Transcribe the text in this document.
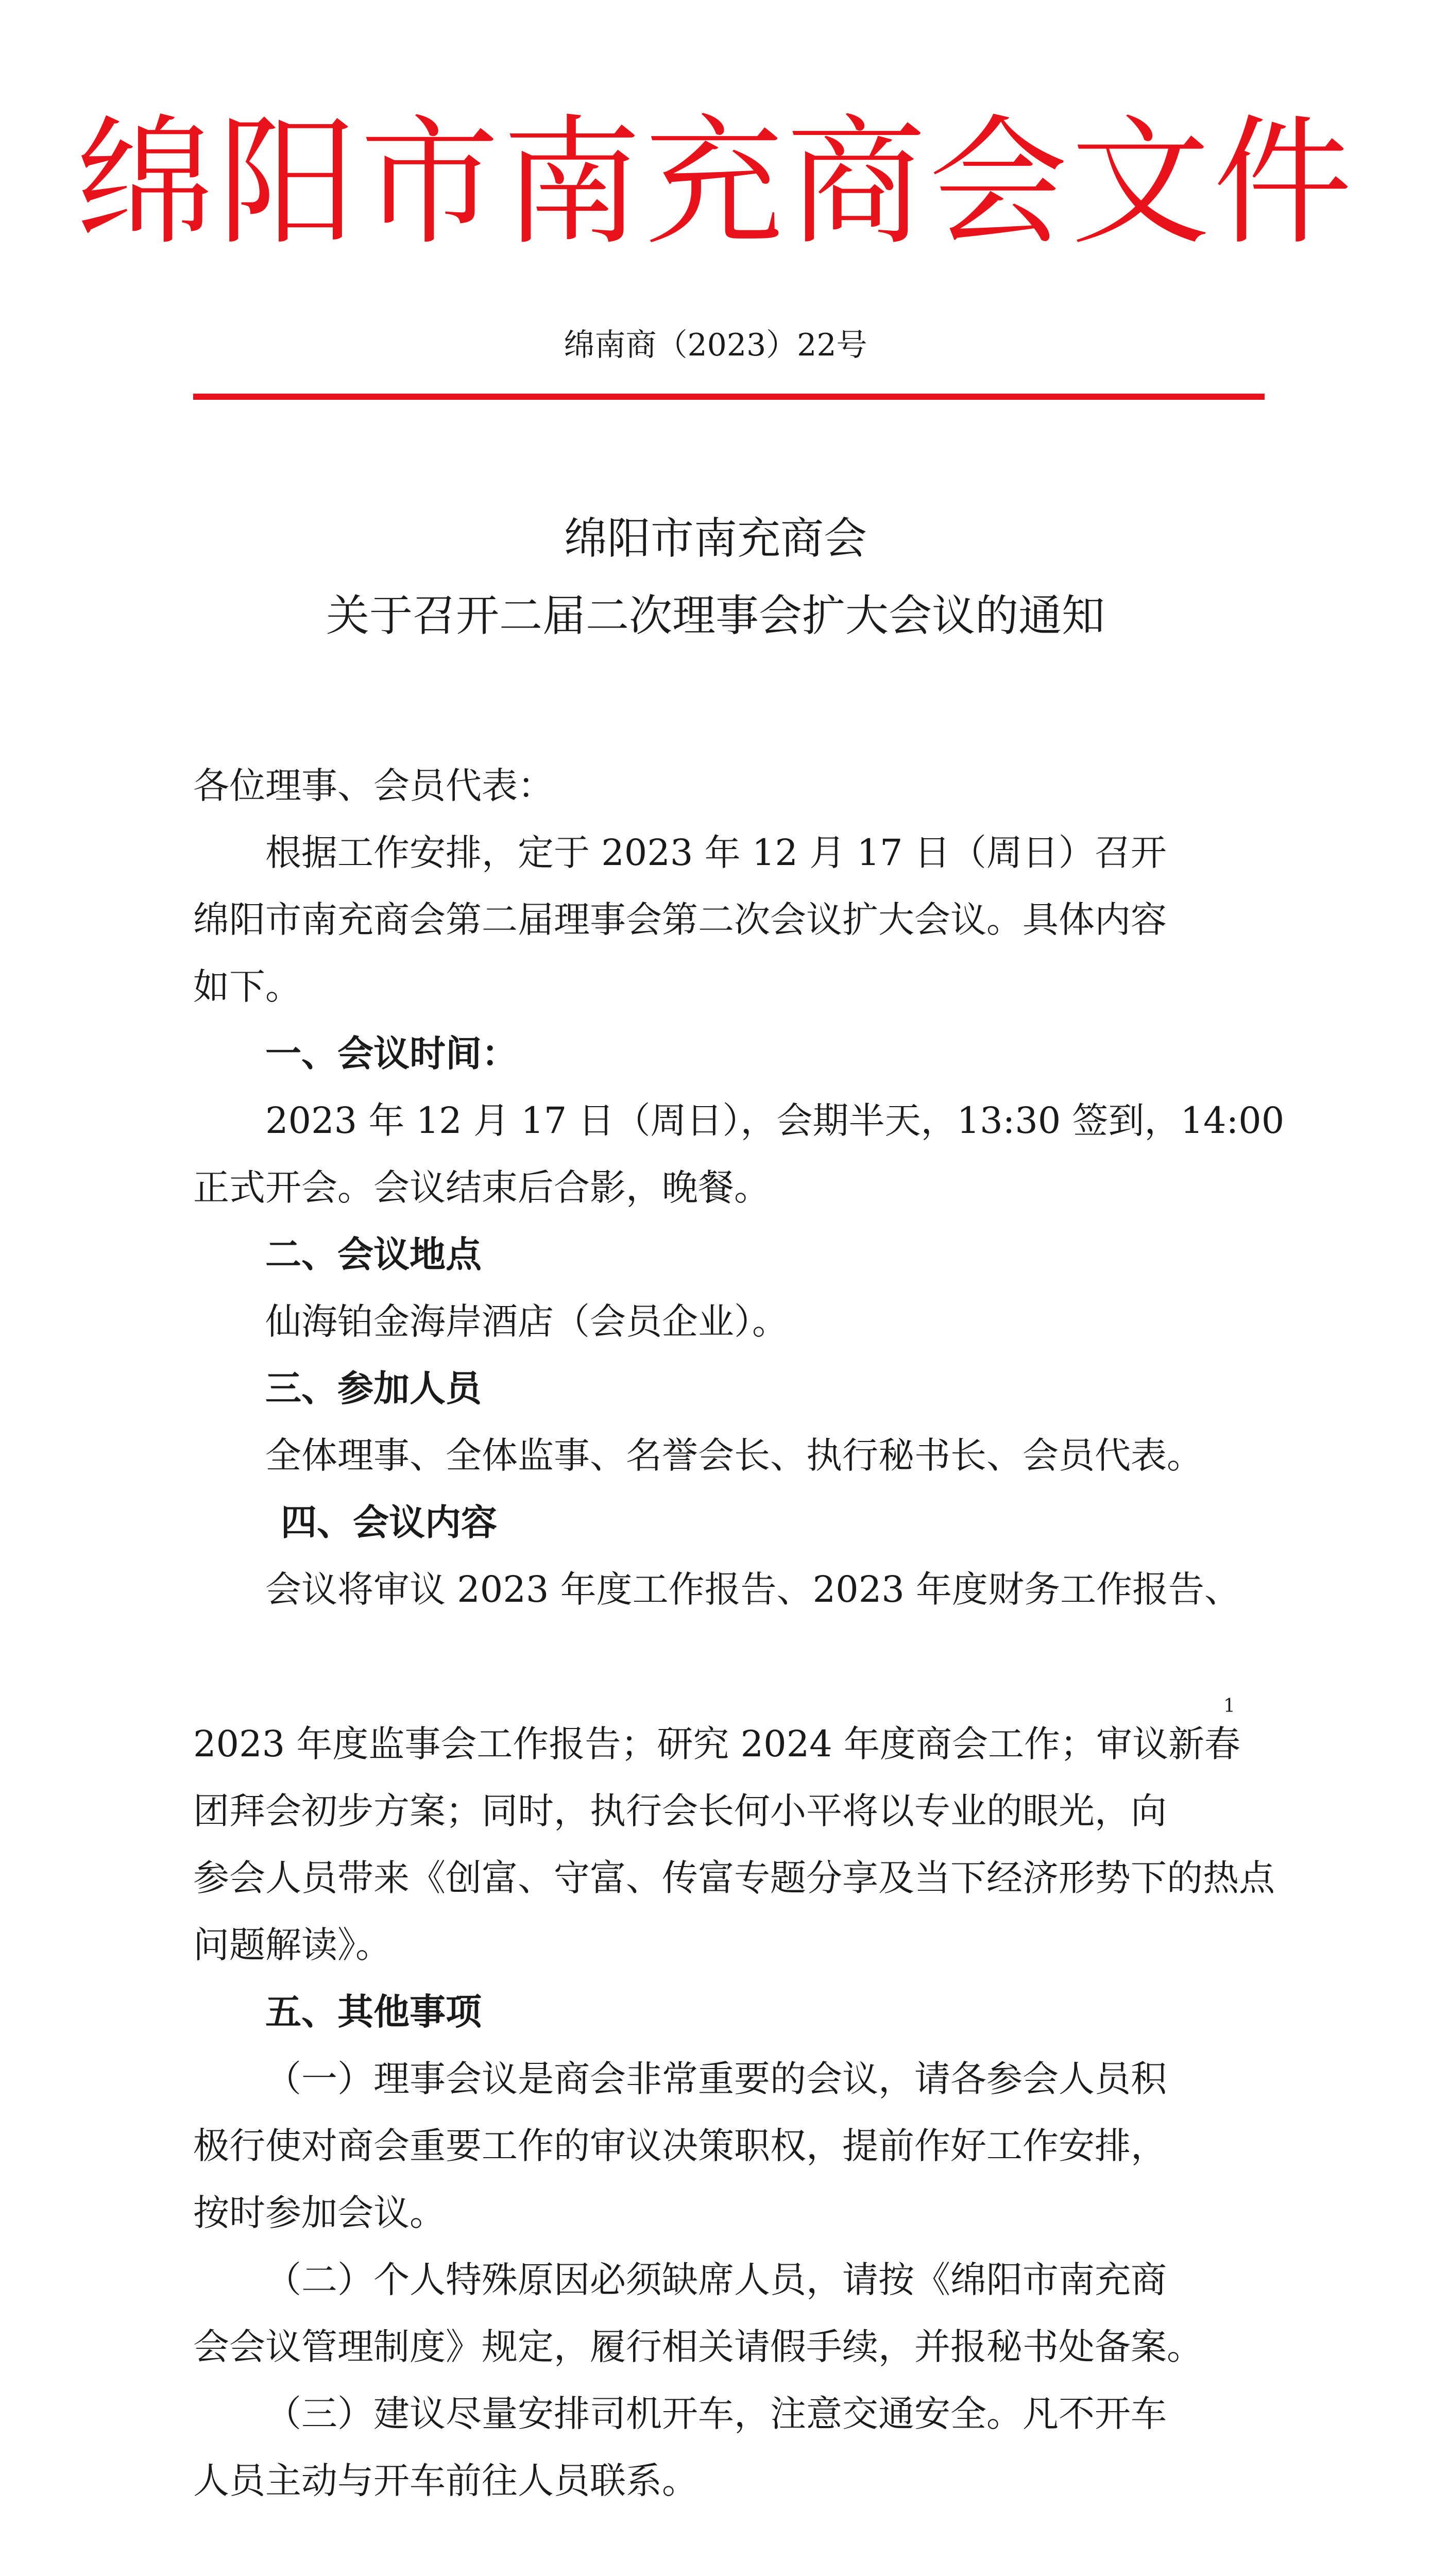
绵阳市南充商会文件
绵南商（2023）22号
绵阳市南充商会
关于召开二届二次理事会扩大会议的通知
各位理事、会员代表：
根据工作安排，定于 2023 年 12 月 17 日（周日）召开
绵阳市南充商会第二届理事会第二次会议扩大会议。具体内容
如下。
一、会议时间：
2023 年 12 月 17 日（周日），会期半天，13:30 签到，14:00
正式开会。会议结束后合影，晚餐。
二、会议地点
仙海铂金海岸酒店（会员企业）。
三、参加人员
全体理事、全体监事、名誉会长、执行秘书长、会员代表。
四、会议内容
会议将审议 2023 年度工作报告、2023 年度财务工作报告、
1
2023 年度监事会工作报告；研究 2024 年度商会工作；审议新春
团拜会初步方案；同时，执行会长何小平将以专业的眼光，向
参会人员带来《创富、守富、传富专题分享及当下经济形势下的热点
问题解读》。
五、其他事项
（一）理事会议是商会非常重要的会议，请各参会人员积
极行使对商会重要工作的审议决策职权，提前作好工作安排，
按时参加会议。
（二）个人特殊原因必须缺席人员，请按《绵阳市南充商
会会议管理制度》规定，履行相关请假手续，并报秘书处备案。
（三）建议尽量安排司机开车，注意交通安全。凡不开车
人员主动与开车前往人员联系。
